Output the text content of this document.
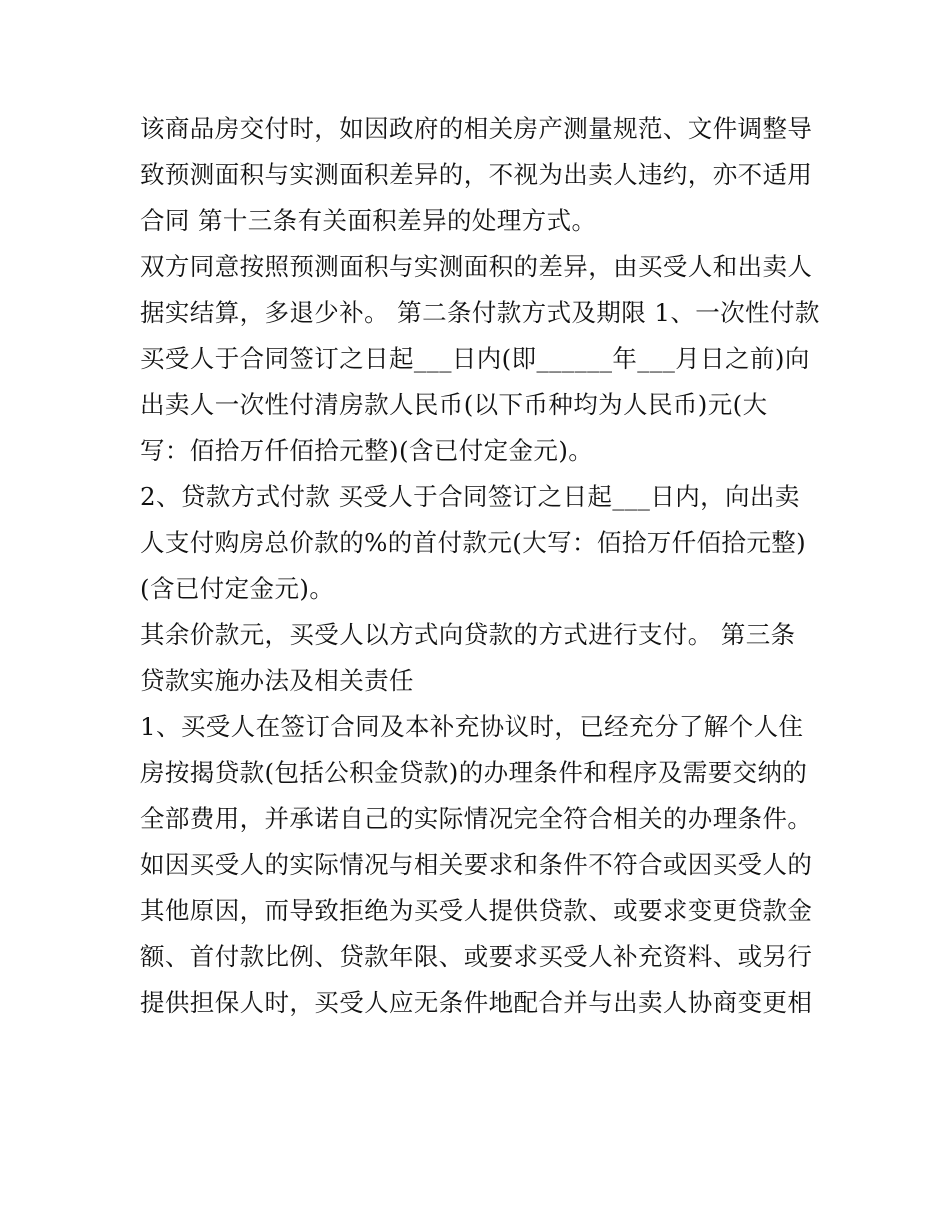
该商品房交付时，如因政府的相关房产测量规范、文件调整导
致预测面积与实测面积差异的，不视为出卖人违约，亦不适用
合同 第十三条有关面积差异的处理方式。
双方同意按照预测面积与实测面积的差异，由买受人和出卖人
据实结算，多退少补。 第二条付款方式及期限 1、一次性付款
买受人于合同签订之日起___日内(即______年___月日之前)向
出卖人一次性付清房款人民币(以下币种均为人民币)元(大
写：佰拾万仟佰拾元整)(含已付定金元)。
2、贷款方式付款 买受人于合同签订之日起___日内，向出卖
人支付购房总价款的%的首付款元(大写：佰拾万仟佰拾元整)
(含已付定金元)。
其余价款元，买受人以方式向贷款的方式进行支付。 第三条
贷款实施办法及相关责任
1、买受人在签订合同及本补充协议时，已经充分了解个人住
房按揭贷款(包括公积金贷款)的办理条件和程序及需要交纳的
全部费用，并承诺自己的实际情况完全符合相关的办理条件。
如因买受人的实际情况与相关要求和条件不符合或因买受人的
其他原因，而导致拒绝为买受人提供贷款、或要求变更贷款金
额、首付款比例、贷款年限、或要求买受人补充资料、或另行
提供担保人时，买受人应无条件地配合并与出卖人协商变更相
